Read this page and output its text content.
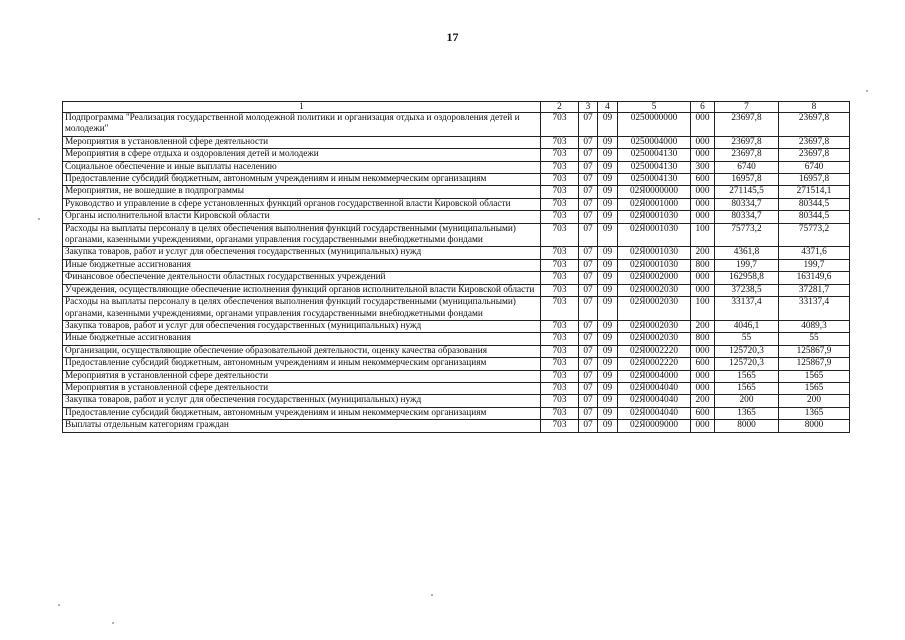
17
1	2	3	4	5	6	7	8
Подпрограмма "Реализация государственной молодежной политики и организация отдыха и оздоровления детей и молодежи"	703	07	09	0250000000	000	23697,8	23697,8
Мероприятия в установленной сфере деятельности	703	07	09	0250004000	000	23697,8	23697,8
Мероприятия в сфере отдыха и оздоровления детей и молодежи	703	07	09	0250004130	000	23697,8	23697,8
Социальное обеспечение и иные выплаты населению	703	07	09	0250004130	300	6740	6740
Предоставление субсидий бюджетным, автономным учреждениям и иным некоммерческим организациям	703	07	09	0250004130	600	16957,8	16957,8
Мероприятия, не вошедшие в подпрограммы	703	07	09	02Я0000000	000	271145,5	271514,1
Руководство и управление в сфере установленных функций органов государственной власти Кировской области	703	07	09	02Я0001000	000	80334,7	80344,5
Органы исполнительной власти Кировской области	703	07	09	02Я0001030	000	80334,7	80344,5
Расходы на выплаты персоналу в целях обеспечения выполнения функций государственными (муниципальными) органами, казенными учреждениями, органами управления государственными внебюджетными фондами	703	07	09	02Я0001030	100	75773,2	75773,2
Закупка товаров, работ и услуг для обеспечения государственных (муниципальных) нужд	703	07	09	02Я0001030	200	4361,8	4371,6
Иные бюджетные ассигнования	703	07	09	02Я0001030	800	199,7	199,7
Финансовое обеспечение деятельности областных государственных учреждений	703	07	09	02Я0002000	000	162958,8	163149,6
Учреждения, осуществляющие обеспечение исполнения функций органов исполнительной власти Кировской области	703	07	09	02Я0002030	000	37238,5	37281,7
Расходы на выплаты персоналу в целях обеспечения выполнения функций государственными (муниципальными) органами, казенными учреждениями, органами управления государственными внебюджетными фондами	703	07	09	02Я0002030	100	33137,4	33137,4
Закупка товаров, работ и услуг для обеспечения государственных (муниципальных) нужд	703	07	09	02Я0002030	200	4046,1	4089,3
Иные бюджетные ассигнования	703	07	09	02Я0002030	800	55	55
Организации, осуществляющие обеспечение образовательной деятельности, оценку качества образования	703	07	09	02Я0002220	000	125720,3	125867,9
Предоставление субсидий бюджетным, автономным учреждениям и иным некоммерческим организациям	703	07	09	02Я0002220	600	125720,3	125867,9
Мероприятия в установленной сфере деятельности	703	07	09	02Я0004000	000	1565	1565
Мероприятия в установленной сфере деятельности	703	07	09	02Я0004040	000	1565	1565
Закупка товаров, работ и услуг для обеспечения государственных (муниципальных) нужд	703	07	09	02Я0004040	200	200	200
Предоставление субсидий бюджетным, автономным учреждениям и иным некоммерческим организациям	703	07	09	02Я0004040	600	1365	1365
Выплаты отдельным категориям граждан	703	07	09	02Я0009000	000	8000	8000
